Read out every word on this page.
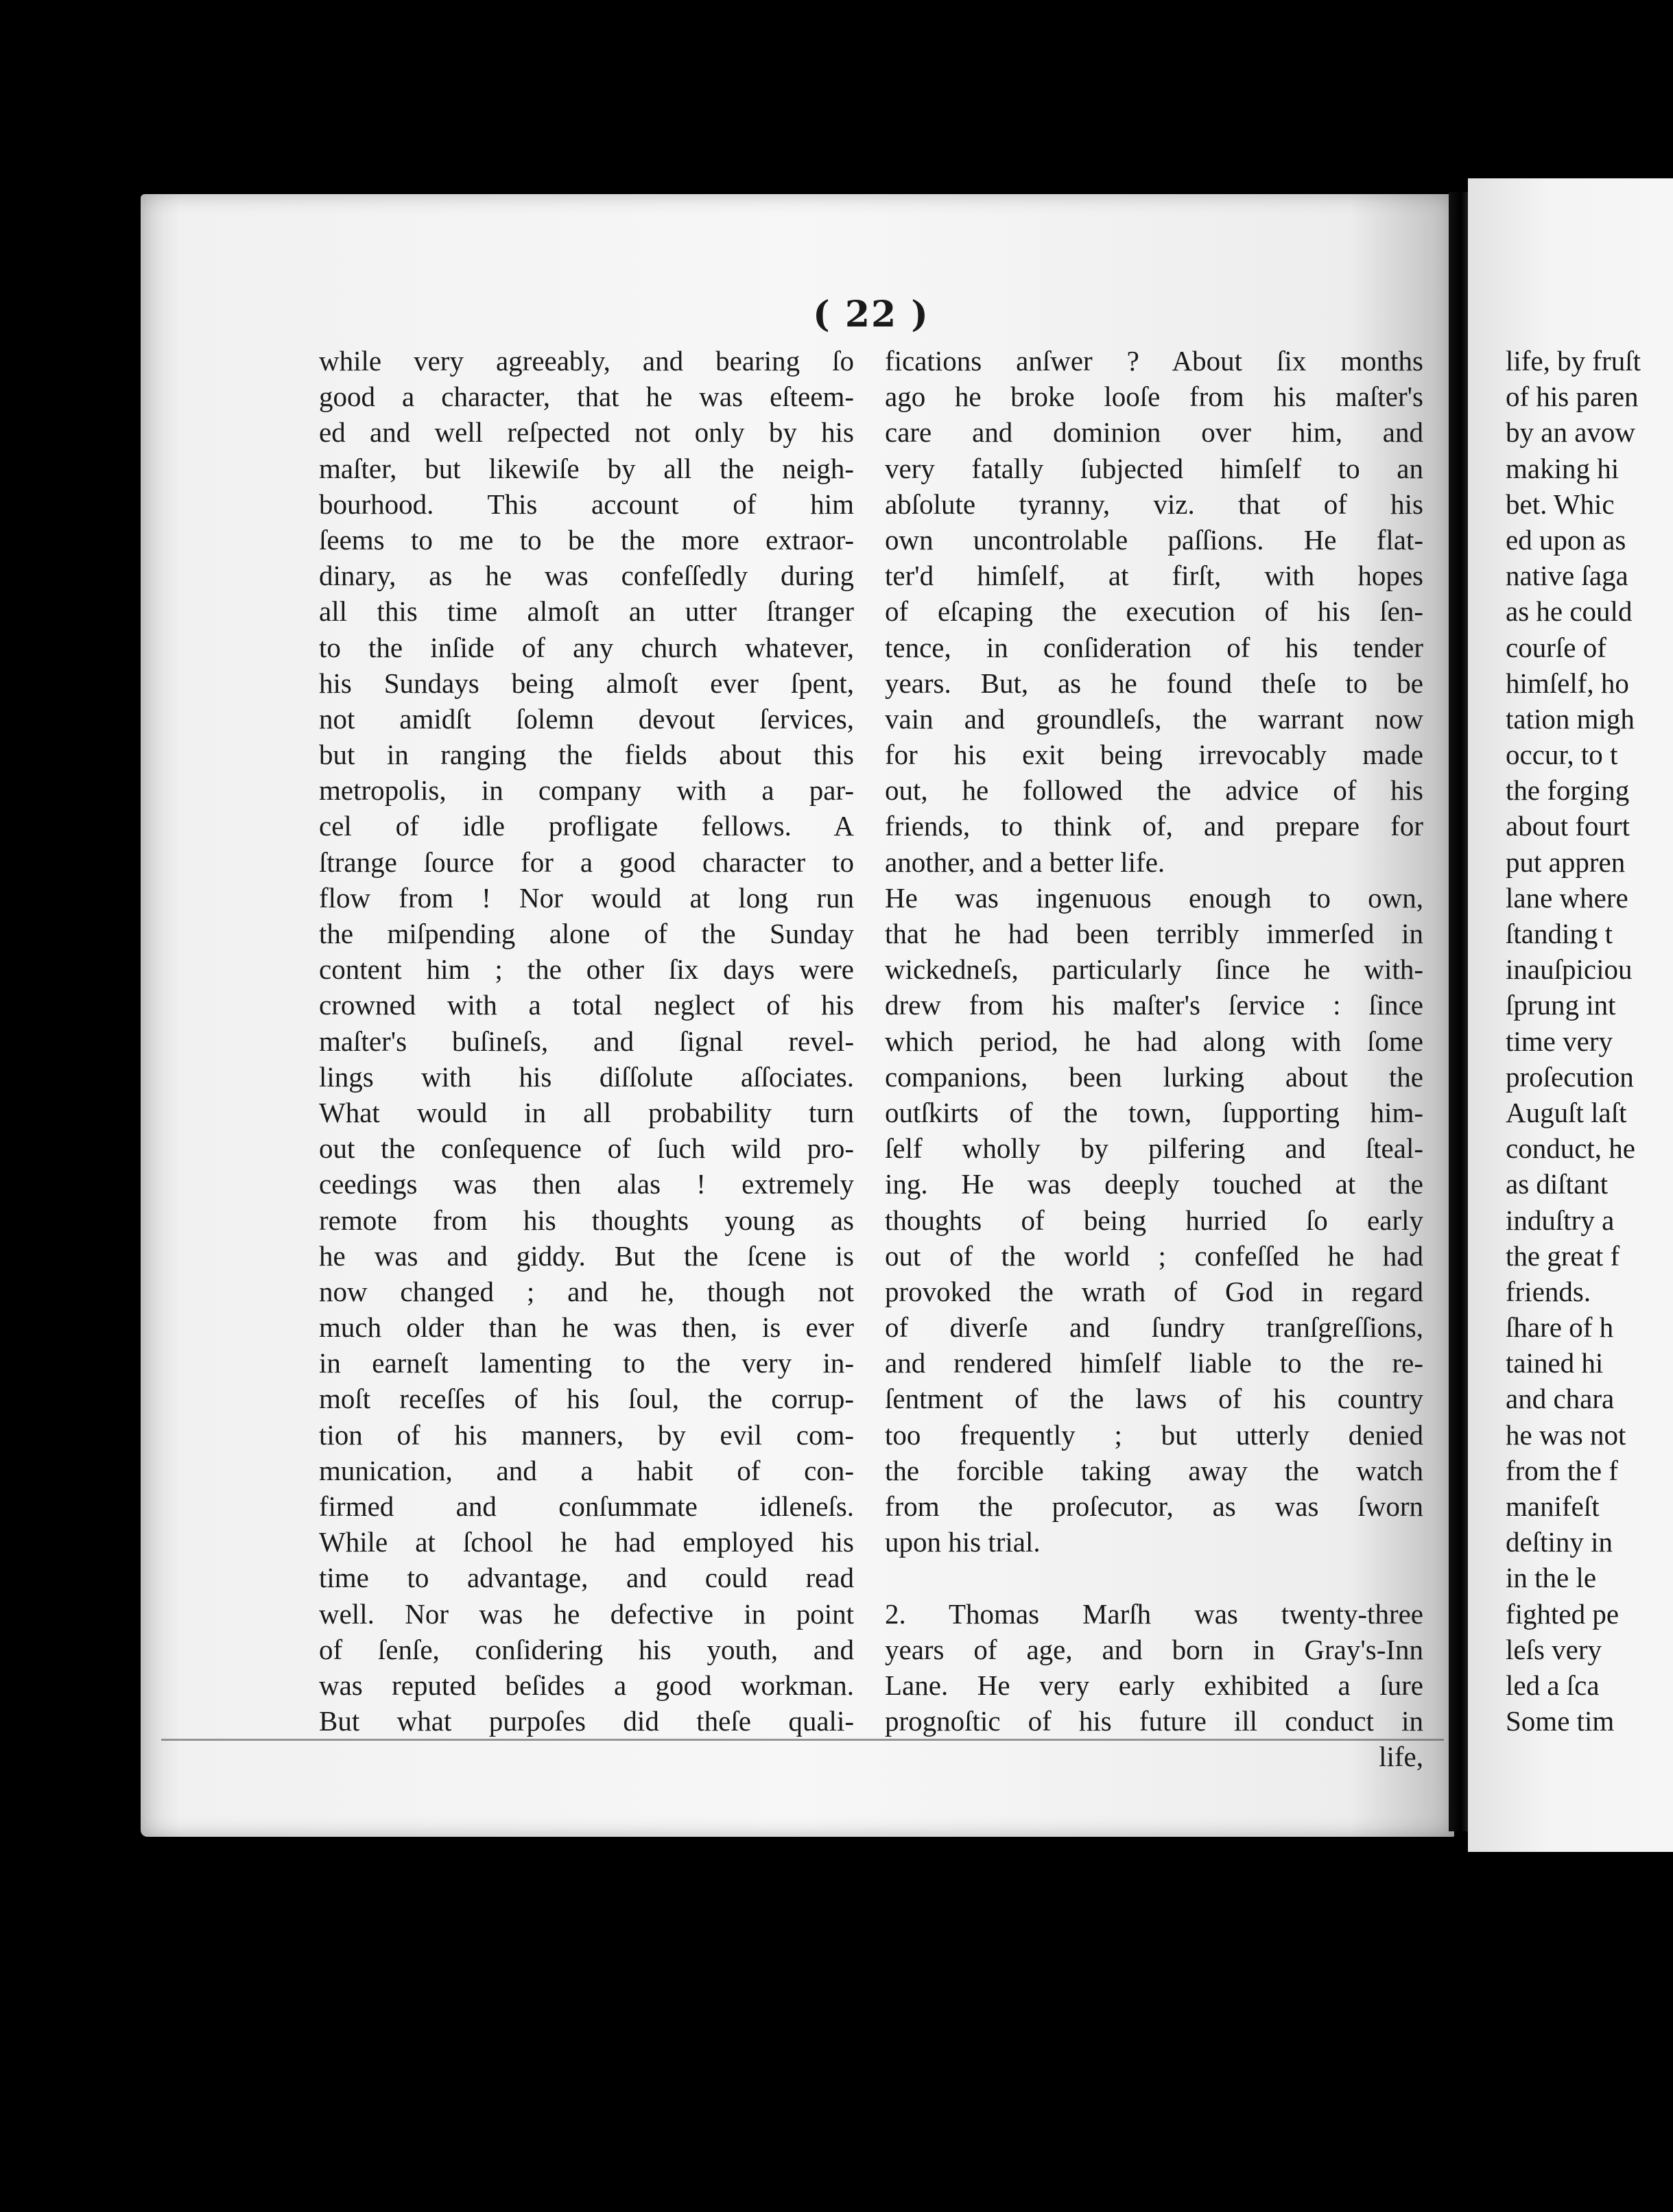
( 22 )
while very agreeably, and bearing ſo
good a character, that he was eſteem-
ed and well reſpected not only by his
maſter, but likewiſe by all the neigh-
bourhood. This account of him
ſeems to me to be the more extraor-
dinary, as he was confeſſedly during
all this time almoſt an utter ſtranger
to the inſide of any church whatever,
his Sundays being almoſt ever ſpent,
not amidſt ſolemn devout ſervices,
but in ranging the fields about this
metropolis, in company with a par-
cel of idle profligate fellows. A
ſtrange ſource for a good character to
flow from ! Nor would at long run
the miſpending alone of the Sunday
content him ; the other ſix days were
crowned with a total neglect of his
maſter's buſineſs, and ſignal revel-
lings with his diſſolute aſſociates.
What would in all probability turn
out the conſequence of ſuch wild pro-
ceedings was then alas ! extremely
remote from his thoughts young as
he was and giddy. But the ſcene is
now changed ; and he, though not
much older than he was then, is ever
in earneſt lamenting to the very in-
moſt receſſes of his ſoul, the corrup-
tion of his manners, by evil com-
munication, and a habit of con-
firmed and conſummate idleneſs.
While at ſchool he had employed his
time to advantage, and could read
well. Nor was he defective in point
of ſenſe, conſidering his youth, and
was reputed beſides a good workman.
But what purpoſes did theſe quali-
fications anſwer ? About ſix months
ago he broke looſe from his maſter's
care and dominion over him, and
very fatally ſubjected himſelf to an
abſolute tyranny, viz. that of his
own uncontrolable paſſions. He flat-
ter'd himſelf, at firſt, with hopes
of eſcaping the execution of his ſen-
tence, in conſideration of his tender
years. But, as he found theſe to be
vain and groundleſs, the warrant now
for his exit being irrevocably made
out, he followed the advice of his
friends, to think of, and prepare for
another, and a better life.
He was ingenuous enough to own,
that he had been terribly immerſed in
wickedneſs, particularly ſince he with-
drew from his maſter's ſervice : ſince
which period, he had along with ſome
companions, been lurking about the
outſkirts of the town, ſupporting him-
ſelf wholly by pilfering and ſteal-
ing. He was deeply touched at the
thoughts of being hurried ſo early
out of the world ; confeſſed he had
provoked the wrath of God in regard
of diverſe and ſundry tranſgreſſions,
and rendered himſelf liable to the re-
ſentment of the laws of his country
too frequently ; but utterly denied
the forcible taking away the watch
from the proſecutor, as was ſworn
upon his trial.
2. Thomas Marſh was twenty-three
years of age, and born in Gray's-Inn
Lane. He very early exhibited a ſure
prognoſtic of his future ill conduct in
life,
life, by fruſt
of his paren
by an avow
making hi
bet. Whic
ed upon as
native ſaga
as he could
courſe of
himſelf, ho
tation migh
occur, to t
the forging
about fourt
put appren
lane where
ſtanding t
inauſpiciou
ſprung int
time very
proſecution
Auguſt laſt
conduct, he
as diſtant
induſtry a
the great f
friends.
ſhare of h
tained hi
and chara
he was not
from the f
manifeſt
deſtiny in
in the le
fighted pe
leſs very
led a ſca
Some tim
